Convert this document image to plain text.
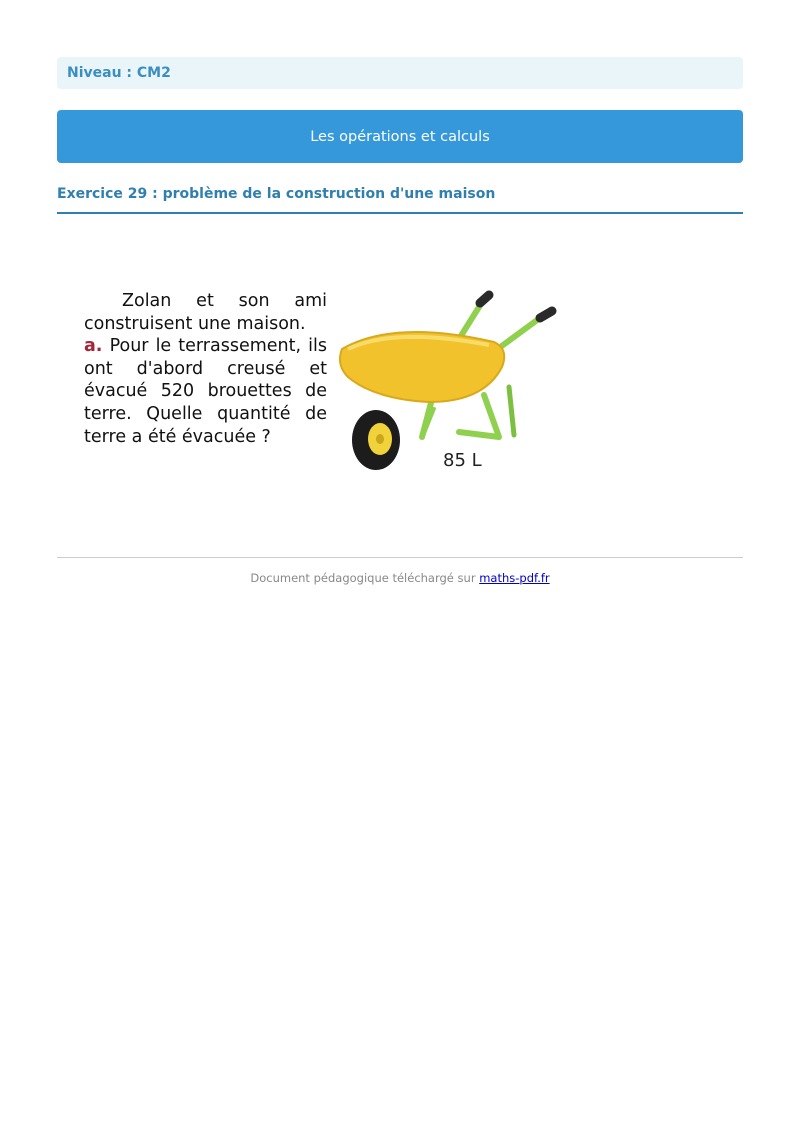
Niveau : CM2
Les opérations et calculs
Exercice 29 : problème de la construction d'une maison
Zolan et son ami construisent une maison.
a. Pour le terrassement, ils ont d'abord creusé et évacué 520 brouettes de terre. Quelle quantité de terre a été évacuée ?
85 L
Document pédagogique téléchargé sur maths-pdf.fr
